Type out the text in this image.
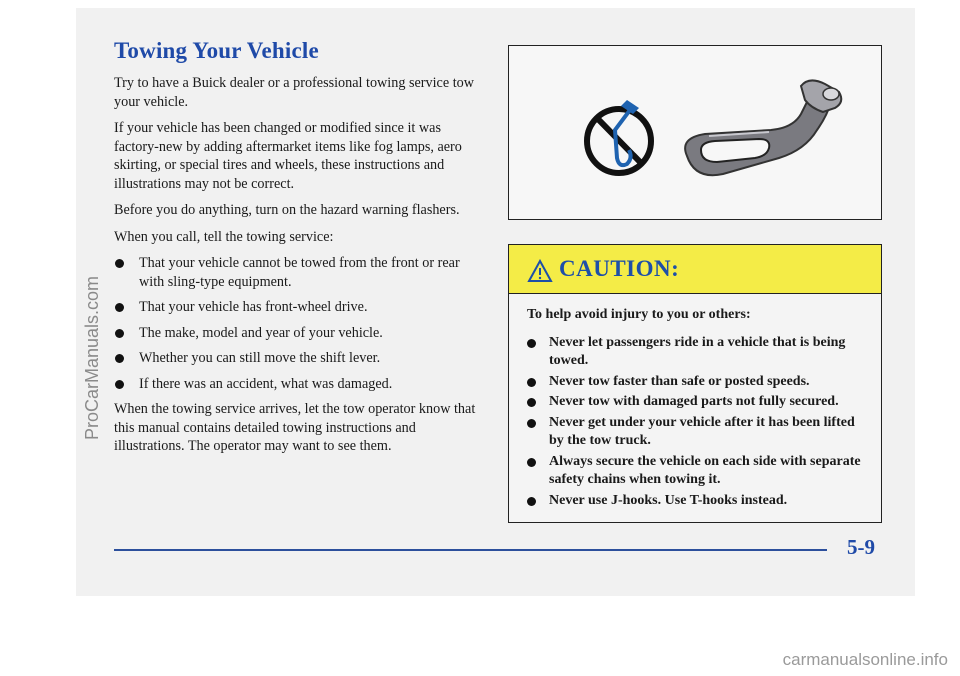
Towing Your Vehicle

Try to have a Buick dealer or a professional towing service tow your vehicle.

If your vehicle has been changed or modified since it was factory-new by adding aftermarket items like fog lamps, aero skirting, or special tires and wheels, these instructions and illustrations may not be correct.

Before you do anything, turn on the hazard warning flashers.

When you call, tell the towing service:

That your vehicle cannot be towed from the front or rear with sling-type equipment.
That your vehicle has front-wheel drive.
The make, model and year of your vehicle.
Whether you can still move the shift lever.
If there was an accident, what was damaged.

When the towing service arrives, let the tow operator know that this manual contains detailed towing instructions and illustrations. The operator may want to see them.

CAUTION:

To help avoid injury to you or others:

Never let passengers ride in a vehicle that is being towed.
Never tow faster than safe or posted speeds.
Never tow with damaged parts not fully secured.
Never get under your vehicle after it has been lifted by the tow truck.
Always secure the vehicle on each side with separate safety chains when towing it.
Never use J-hooks. Use T-hooks instead.
5-9
ProCarManuals.com
carmanualsonline.info
